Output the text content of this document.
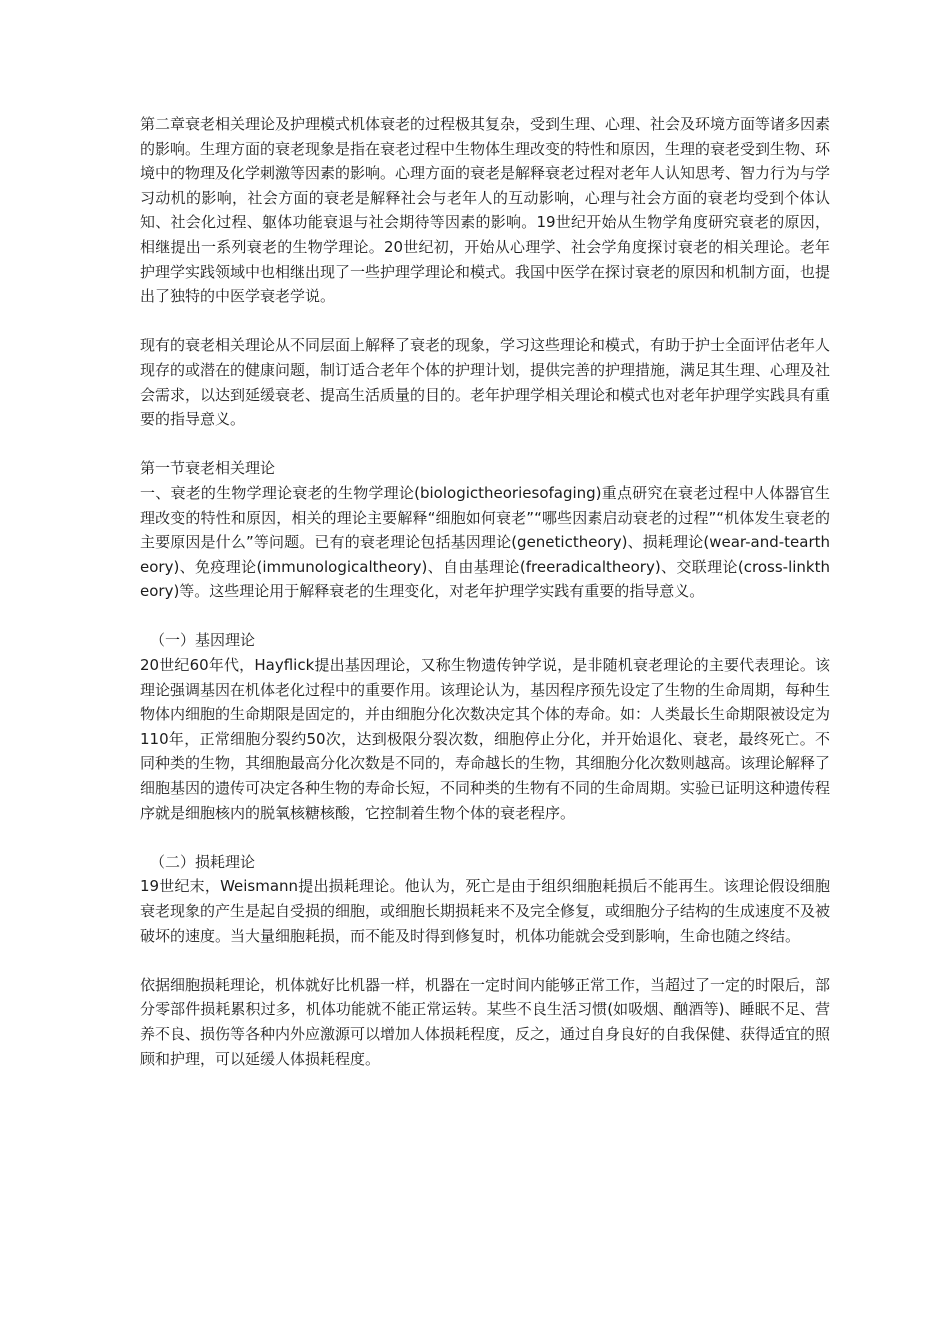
第二章衰老相关理论及护理模式机体衰老的过程极其复杂，受到生理、心理、社会及环境方面等诸多因素的影响。生理方面的衰老现象是指在衰老过程中生物体生理改变的特性和原因，生理的衰老受到生物、环境中的物理及化学刺激等因素的影响。心理方面的衰老是解释衰老过程对老年人认知思考、智力行为与学习动机的影响，社会方面的衰老是解释社会与老年人的互动影响，心理与社会方面的衰老均受到个体认知、社会化过程、躯体功能衰退与社会期待等因素的影响。19世纪开始从生物学角度研究衰老的原因，相继提出一系列衰老的生物学理论。20世纪初，开始从心理学、社会学角度探讨衰老的相关理论。老年护理学实践领域中也相继出现了一些护理学理论和模式。我国中医学在探讨衰老的原因和机制方面，也提出了独特的中医学衰老学说。

现有的衰老相关理论从不同层面上解释了衰老的现象，学习这些理论和模式，有助于护士全面评估老年人现存的或潜在的健康问题，制订适合老年个体的护理计划，提供完善的护理措施，满足其生理、心理及社会需求，以达到延缓衰老、提高生活质量的目的。老年护理学相关理论和模式也对老年护理学实践具有重要的指导意义。

第一节衰老相关理论

一、衰老的生物学理论衰老的生物学理论(biologictheoriesofaging)重点研究在衰老过程中人体器官生理改变的特性和原因，相关的理论主要解释“细胞如何衰老”“哪些因素启动衰老的过程”“机体发生衰老的主要原因是什么”等问题。已有的衰老理论包括基因理论(genetictheory)、损耗理论(wear-and-teartheory)、免疫理论(immunologicaltheory)、自由基理论(freeradicaltheory)、交联理论(cross-linktheory)等。这些理论用于解释衰老的生理变化，对老年护理学实践有重要的指导意义。

（一）基因理论

20世纪60年代，Hayflick提出基因理论，又称生物遗传钟学说，是非随机衰老理论的主要代表理论。该理论强调基因在机体老化过程中的重要作用。该理论认为，基因程序预先设定了生物的生命周期，每种生物体内细胞的生命期限是固定的，并由细胞分化次数决定其个体的寿命。如：人类最长生命期限被设定为110年，正常细胞分裂约50次，达到极限分裂次数，细胞停止分化，并开始退化、衰老，最终死亡。不同种类的生物，其细胞最高分化次数是不同的，寿命越长的生物，其细胞分化次数则越高。该理论解释了细胞基因的遗传可决定各种生物的寿命长短，不同种类的生物有不同的生命周期。实验已证明这种遗传程序就是细胞核内的脱氧核糖核酸，它控制着生物个体的衰老程序。

（二）损耗理论

19世纪末，Weismann提出损耗理论。他认为，死亡是由于组织细胞耗损后不能再生。该理论假设细胞衰老现象的产生是起自受损的细胞，或细胞长期损耗来不及完全修复，或细胞分子结构的生成速度不及被破坏的速度。当大量细胞耗损，而不能及时得到修复时，机体功能就会受到影响，生命也随之终结。

依据细胞损耗理论，机体就好比机器一样，机器在一定时间内能够正常工作，当超过了一定的时限后，部分零部件损耗累积过多，机体功能就不能正常运转。某些不良生活习惯(如吸烟、酗酒等)、睡眠不足、营养不良、损伤等各种内外应激源可以增加人体损耗程度，反之，通过自身良好的自我保健、获得适宜的照顾和护理，可以延缓人体损耗程度。
